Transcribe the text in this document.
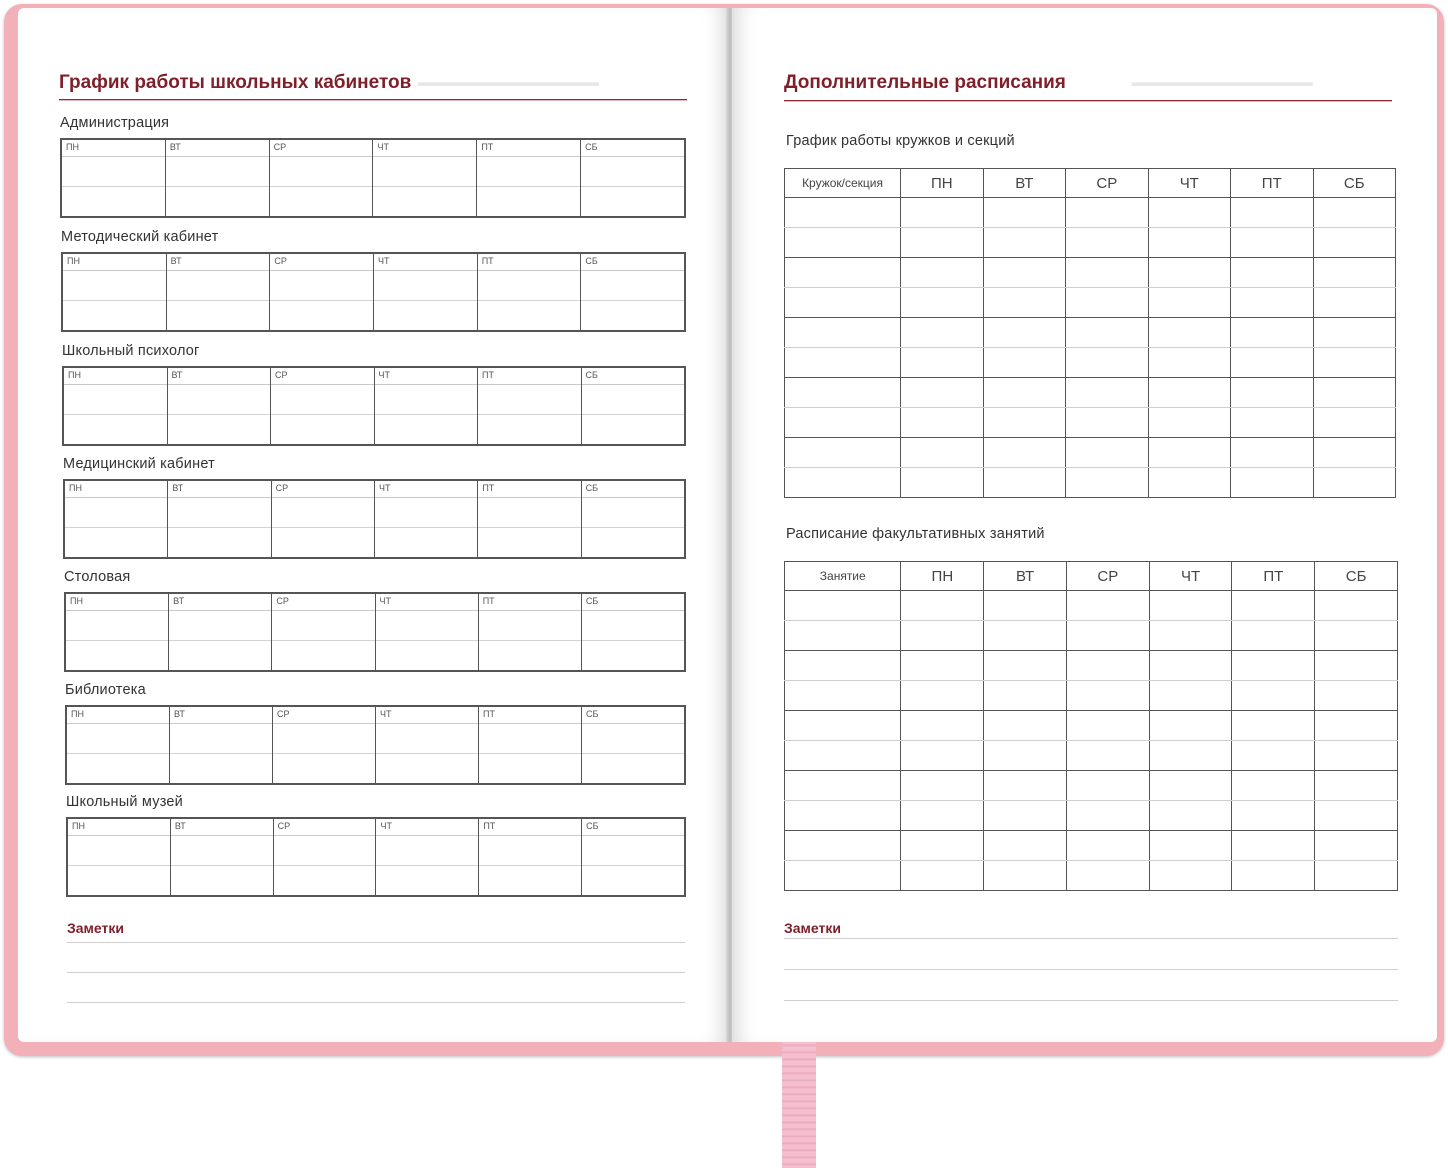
━━━━━━━━━━━━━━━
График работы школьных кабинетов
Администрация
ПН	ВТ	СР	ЧТ	ПТ	СБ
Методический кабинет
ПН	ВТ	СР	ЧТ	ПТ	СБ
Школьный психолог
ПН	ВТ	СР	ЧТ	ПТ	СБ
Медицинский кабинет
ПН	ВТ	СР	ЧТ	ПТ	СБ
Столовая
ПН	ВТ	СР	ЧТ	ПТ	СБ
Библиотека
ПН	ВТ	СР	ЧТ	ПТ	СБ
Школьный музей
ПН	ВТ	СР	ЧТ	ПТ	СБ
Заметки
━━━━━━━━━━━━━━━
Дополнительные расписания
График работы кружков и секций
Кружок/секция	ПН	ВТ	СР	ЧТ	ПТ	СБ

Расписание факультативных занятий
Занятие	ПН	ВТ	СР	ЧТ	ПТ	СБ

Заметки
